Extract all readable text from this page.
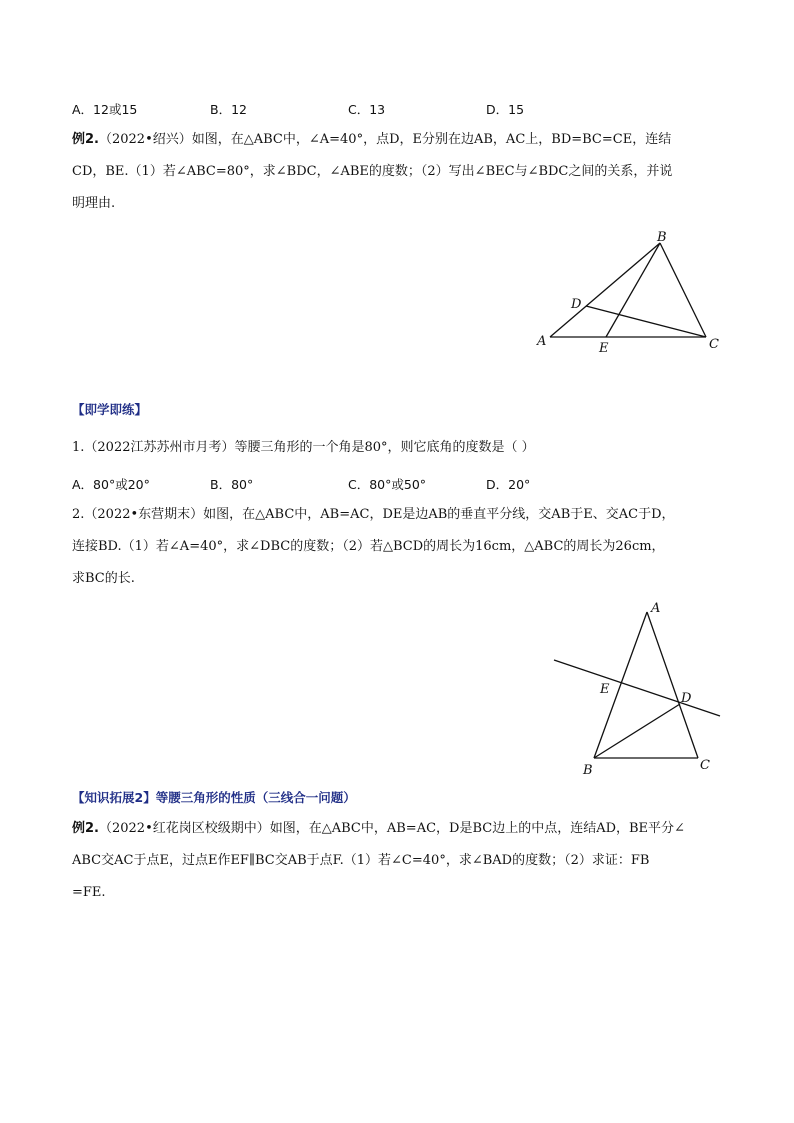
A．12或15	B．12	C．13	D．15
例2.（2022•绍兴）如图，在△ABC中，∠A=40°，点D，E分别在边AB，AC上，BD=BC=CE，连结
CD，BE.（1）若∠ABC=80°，求∠BDC，∠ABE的度数；（2）写出∠BEC与∠BDC之间的关系，并说
明理由.
B
D
A	E	C
【即学即练】
1.（2022江苏苏州市月考）等腰三角形的一个角是80°，则它底角的度数是（ ）
A．80°或20°	B．80°	C．80°或50°	D．20°
2.（2022•东营期末）如图，在△ABC中，AB=AC，DE是边AB的垂直平分线，交AB于E、交AC于D，
连接BD.（1）若∠A=40°，求∠DBC的度数；（2）若△BCD的周长为16cm，△ABC的周长为26cm，
求BC的长.
A
E
D
B	C
【知识拓展2】等腰三角形的性质（三线合一问题）
例2.（2022•红花岗区校级期中）如图，在△ABC中，AB=AC，D是BC边上的中点，连结AD，BE平分∠
ABC交AC于点E，过点E作EF∥BC交AB于点F.（1）若∠C=40°，求∠BAD的度数；（2）求证：FB
=FE.
